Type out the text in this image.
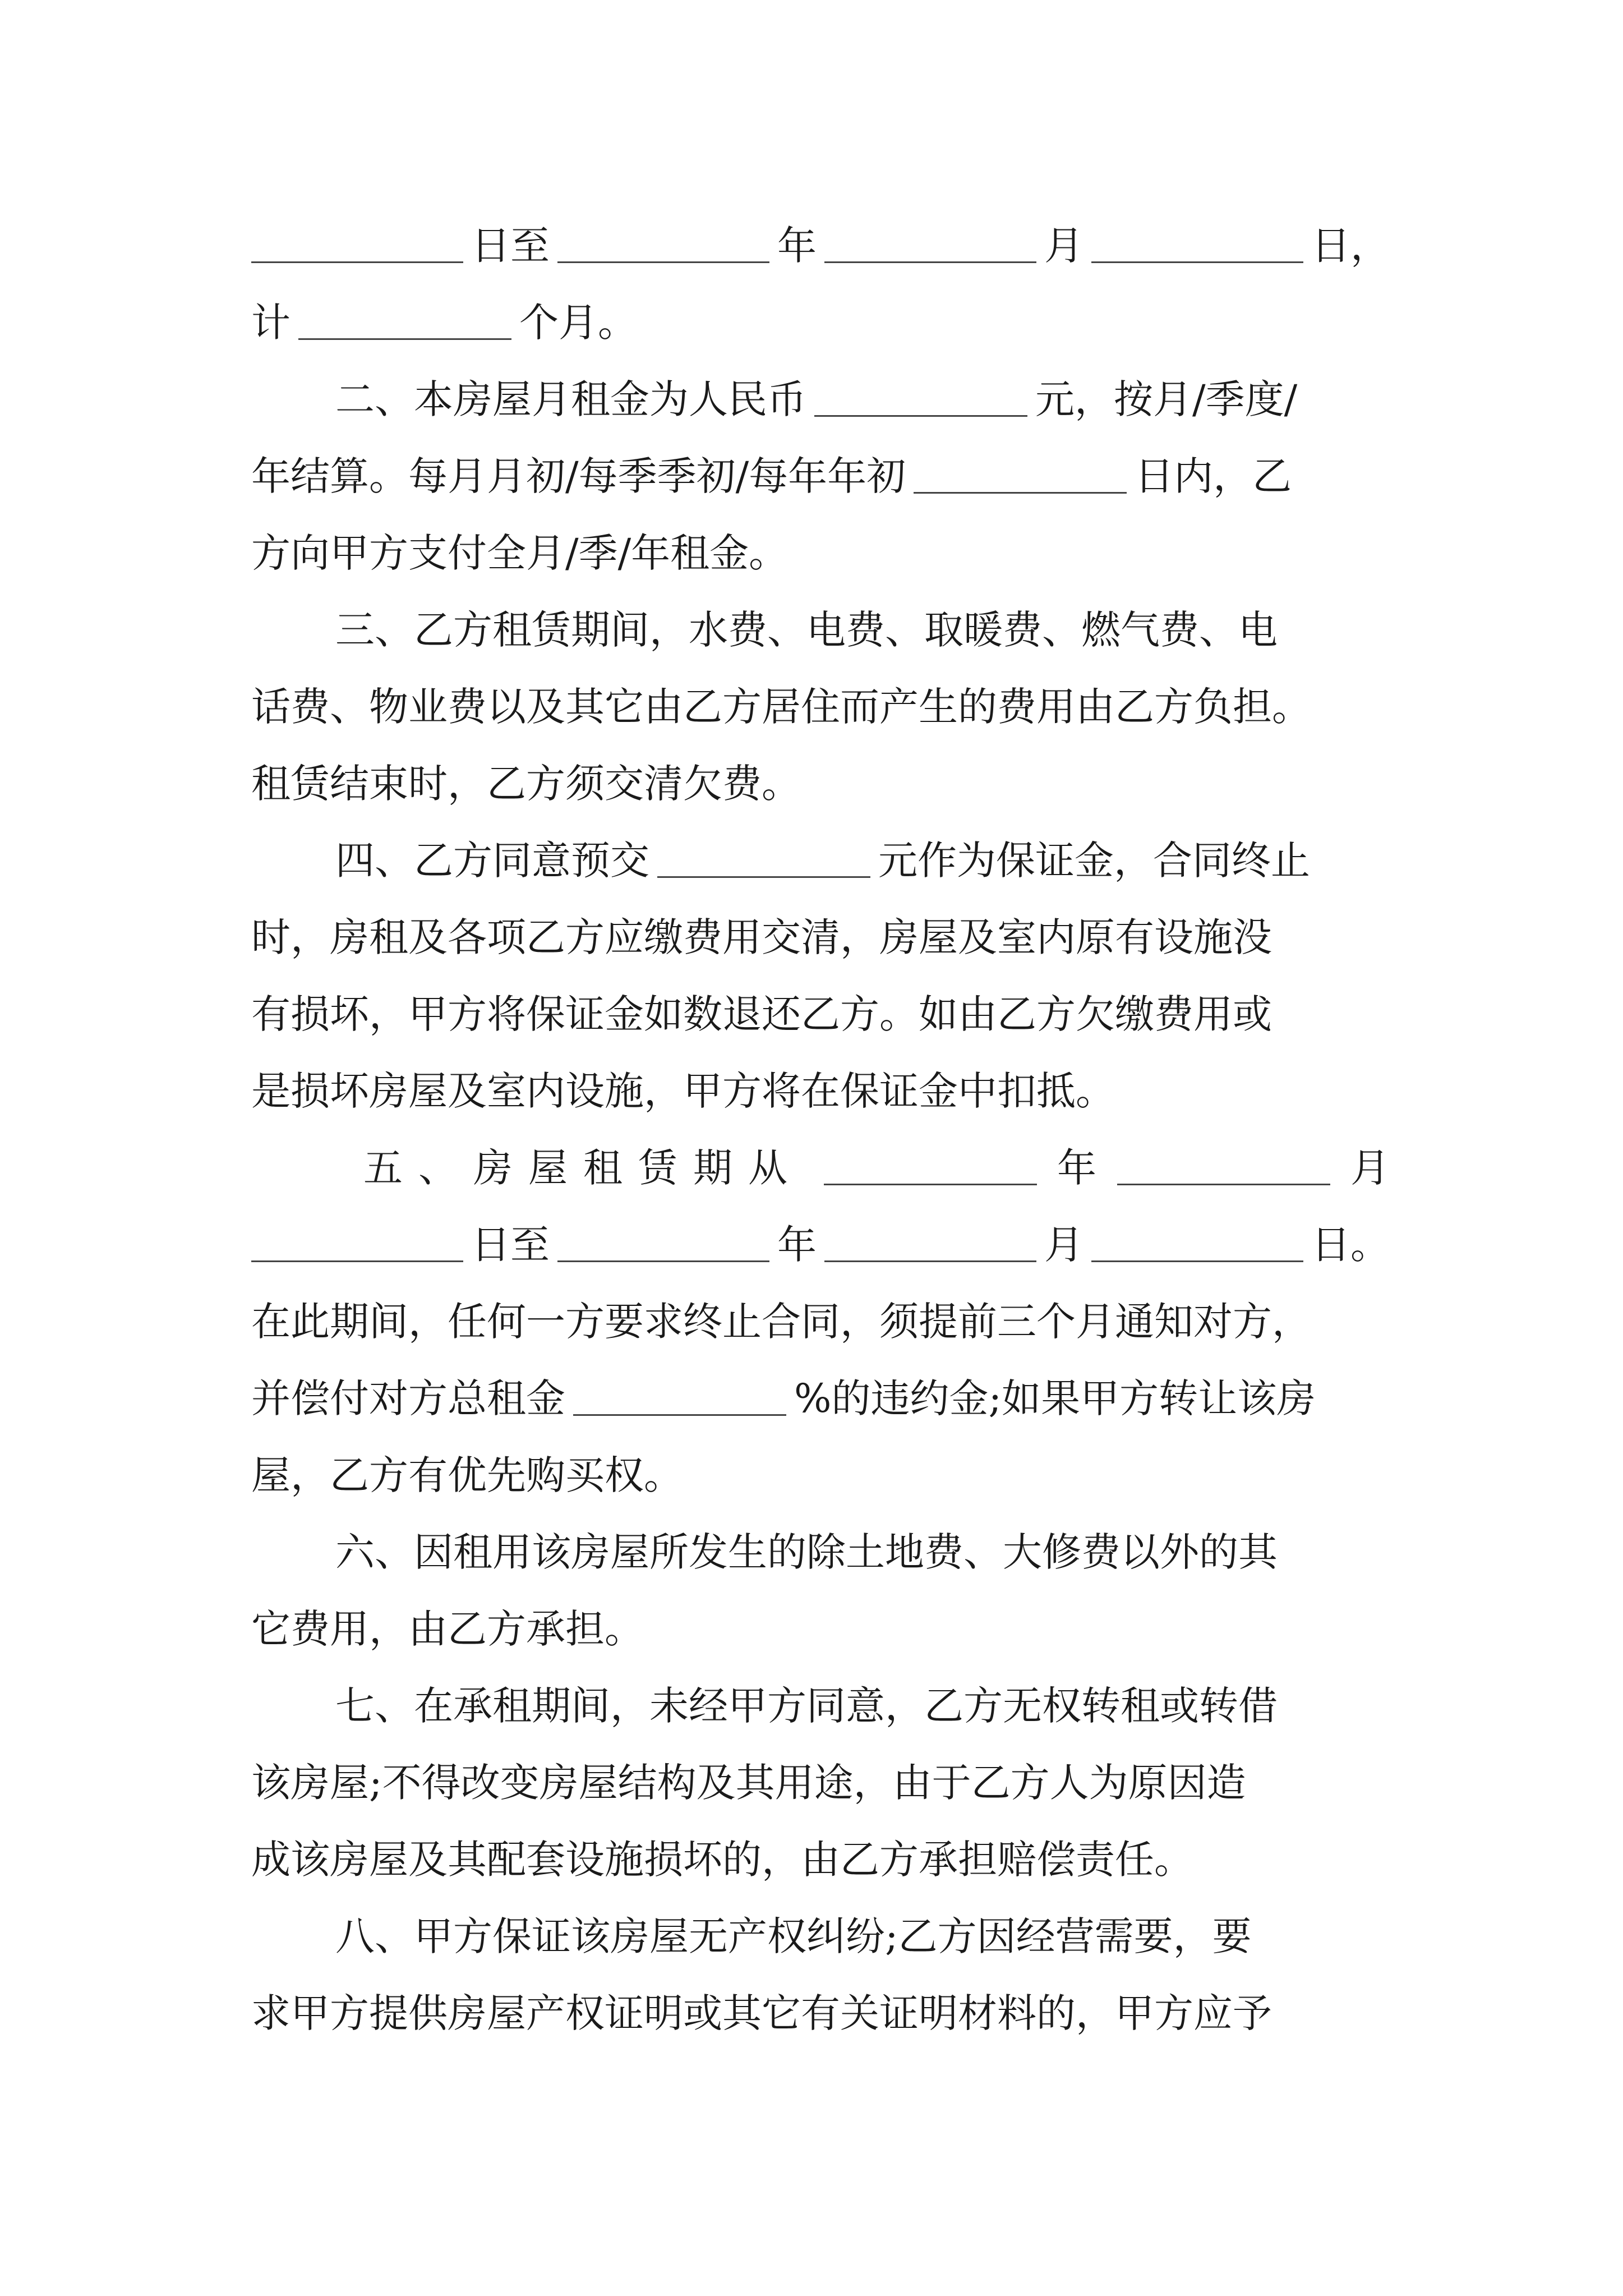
日至	年	月	日，
计	个月。
二、本房屋月租金为人民币	元，按月/季度/
年结算。每月月初/每季季初/每年年初	日内，乙
方向甲方支付全月/季/年租金。
三、乙方租赁期间，水费、电费、取暖费、燃气费、电
话费、物业费以及其它由乙方居住而产生的费用由乙方负担。
租赁结束时，乙方须交清欠费。
四、乙方同意预交	元作为保证金，合同终止
时，房租及各项乙方应缴费用交清，房屋及室内原有设施没
有损坏，甲方将保证金如数退还乙方。如由乙方欠缴费用或
是损坏房屋及室内设施，甲方将在保证金中扣抵。
五、房屋租赁期从	年	月
日至	年	月	日。
在此期间，任何一方要求终止合同，须提前三个月通知对方，
并偿付对方总租金	%的违约金;如果甲方转让该房
屋，乙方有优先购买权。
六、因租用该房屋所发生的除土地费、大修费以外的其
它费用，由乙方承担。
七、在承租期间，未经甲方同意，乙方无权转租或转借
该房屋;不得改变房屋结构及其用途，由于乙方人为原因造
成该房屋及其配套设施损坏的，由乙方承担赔偿责任。
八、甲方保证该房屋无产权纠纷;乙方因经营需要，要
求甲方提供房屋产权证明或其它有关证明材料的，甲方应予
